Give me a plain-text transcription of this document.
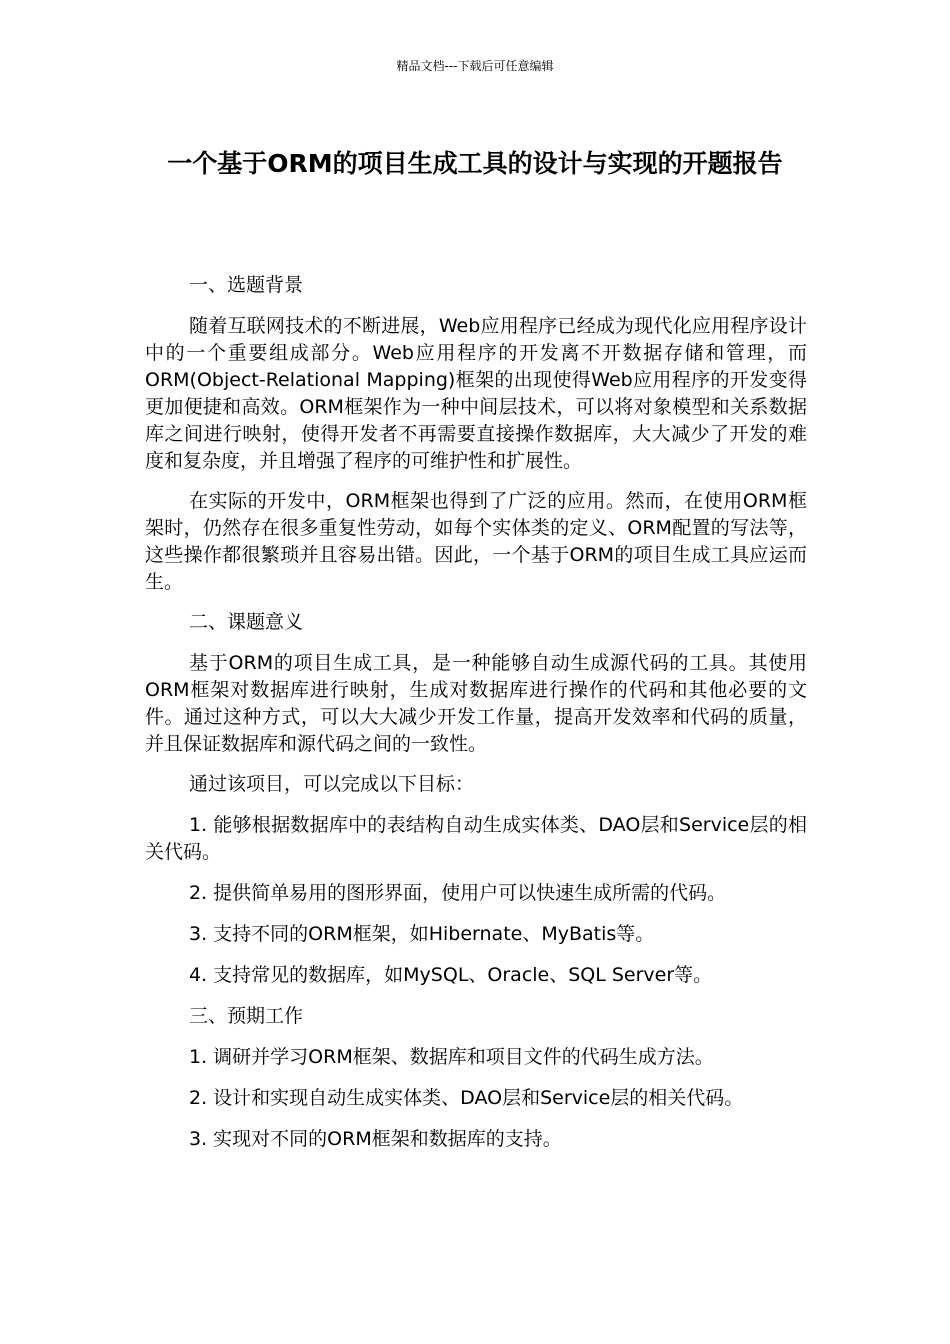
精品文档---下载后可任意编辑
一个基于ORM的项目生成工具的设计与实现的开题报告

一、选题背景

随着互联网技术的不断进展，Web应用程序已经成为现代化应用程序设计中的一个重要组成部分。Web应用程序的开发离不开数据存储和管理，而ORM(Object-Relational Mapping)框架的出现使得Web应用程序的开发变得更加便捷和高效。ORM框架作为一种中间层技术，可以将对象模型和关系数据库之间进行映射，使得开发者不再需要直接操作数据库，大大减少了开发的难度和复杂度，并且增强了程序的可维护性和扩展性。

在实际的开发中，ORM框架也得到了广泛的应用。然而，在使用ORM框架时，仍然存在很多重复性劳动，如每个实体类的定义、ORM配置的写法等，这些操作都很繁琐并且容易出错。因此，一个基于ORM的项目生成工具应运而生。

二、课题意义

基于ORM的项目生成工具，是一种能够自动生成源代码的工具。其使用ORM框架对数据库进行映射，生成对数据库进行操作的代码和其他必要的文件。通过这种方式，可以大大减少开发工作量，提高开发效率和代码的质量，并且保证数据库和源代码之间的一致性。

通过该项目，可以完成以下目标：

1. 能够根据数据库中的表结构自动生成实体类、DAO层和Service层的相关代码。

2. 提供简单易用的图形界面，使用户可以快速生成所需的代码。

3. 支持不同的ORM框架，如Hibernate、MyBatis等。

4. 支持常见的数据库，如MySQL、Oracle、SQL Server等。

三、预期工作

1. 调研并学习ORM框架、数据库和项目文件的代码生成方法。

2. 设计和实现自动生成实体类、DAO层和Service层的相关代码。

3. 实现对不同的ORM框架和数据库的支持。
